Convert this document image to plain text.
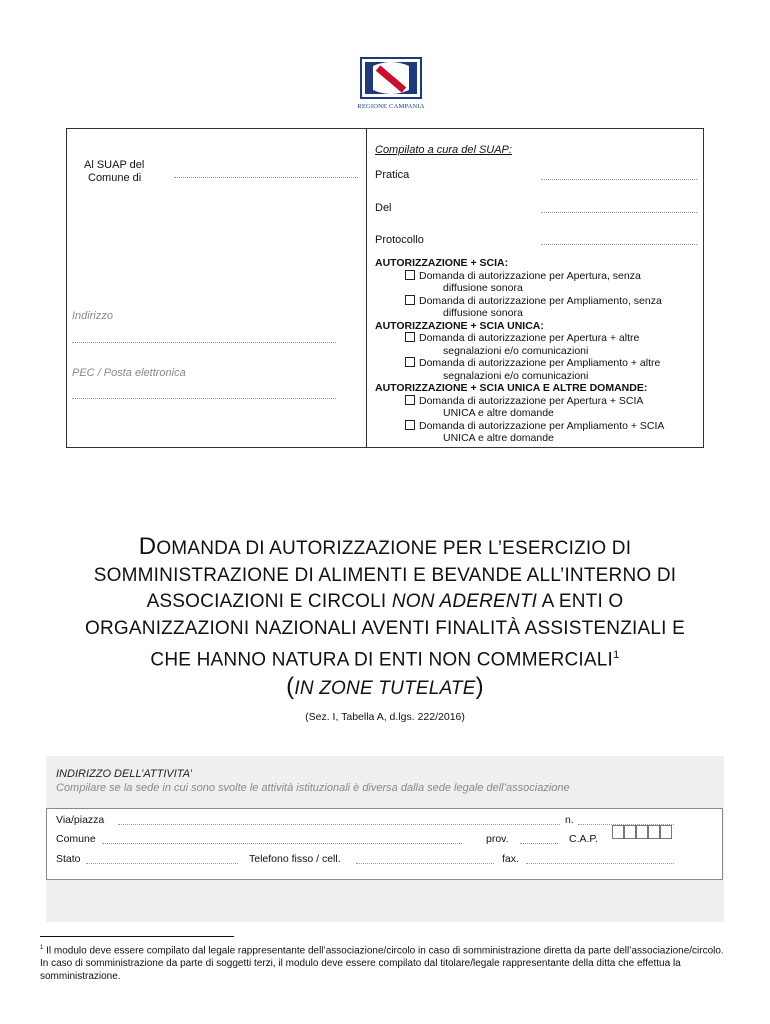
REGIONE CAMPANIA
Al SUAP del
Comune di
Indirizzo
PEC / Posta elettronica
Compilato a cura del SUAP:
Pratica
Del
Protocollo
AUTORIZZAZIONE + SCIA:
Domanda di autorizzazione per Apertura, senza
diffusione sonora
Domanda di autorizzazione per Ampliamento, senza
diffusione sonora
AUTORIZZAZIONE + SCIA UNICA:
Domanda di autorizzazione per Apertura + altre
segnalazioni e/o comunicazioni
Domanda di autorizzazione per Ampliamento + altre
segnalazioni e/o comunicazioni
AUTORIZZAZIONE + SCIA UNICA E ALTRE DOMANDE:
Domanda di autorizzazione per Apertura + SCIA
UNICA e altre domande
Domanda di autorizzazione per Ampliamento + SCIA
UNICA e altre domande
DOMANDA DI AUTORIZZAZIONE PER L’ESERCIZIO DI
SOMMINISTRAZIONE DI ALIMENTI E BEVANDE ALL’INTERNO DI
ASSOCIAZIONI E CIRCOLI NON ADERENTI A ENTI O
ORGANIZZAZIONI NAZIONALI AVENTI FINALITÀ ASSISTENZIALI E
CHE HANNO NATURA DI ENTI NON COMMERCIALI$^1$
(IN ZONE TUTELATE)
(Sez. I, Tabella A, d.lgs. 222/2016)
INDIRIZZO DELL’ATTIVITA’
Compilare se la sede in cui sono svolte le attività istituzionali è diversa dalla sede legale dell’associazione
Via/piazza	n.
Comune	prov.	C.A.P.
Stato	Telefono fisso / cell.	fax.
$^1$ Il modulo deve essere compilato dal legale rappresentante dell’associazione/circolo in caso di somministrazione diretta da parte dell’associazione/circolo. In caso di somministrazione da parte di soggetti terzi, il modulo deve essere compilato dal titolare/legale rappresentante della ditta che effettua la somministrazione.
